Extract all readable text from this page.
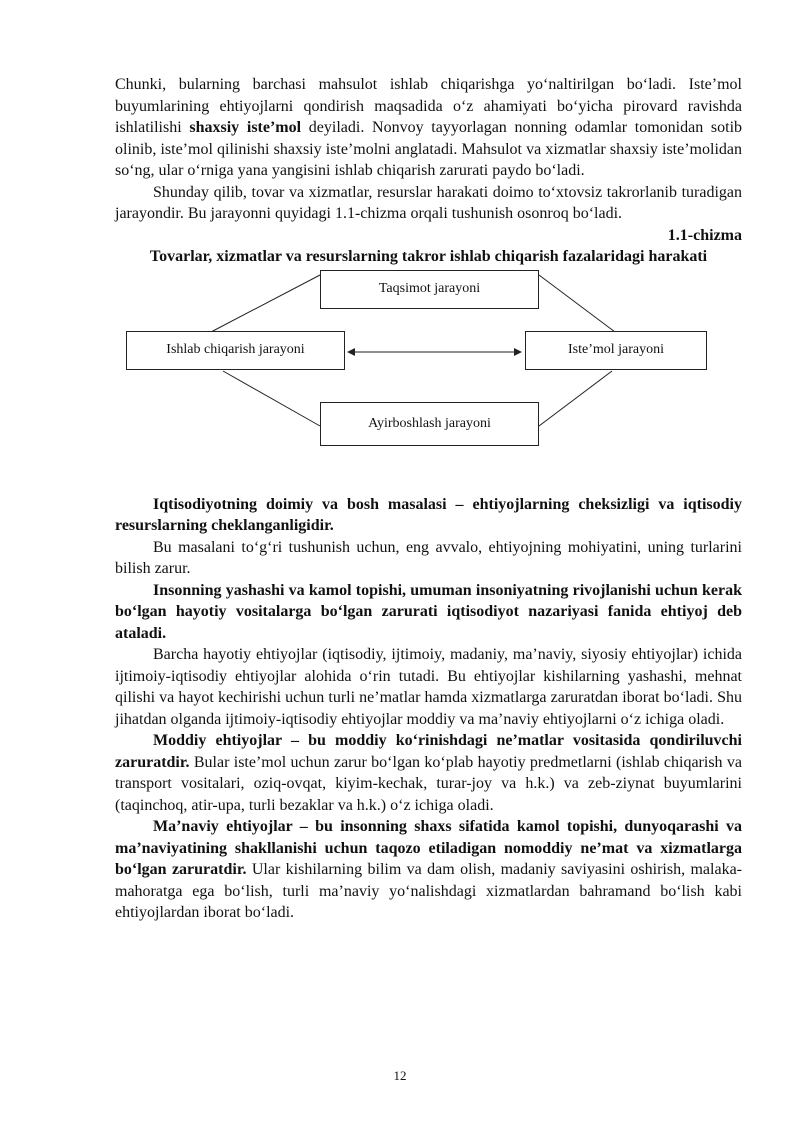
Chunki, bularning barchasi mahsulot ishlab chiqarishga yo‘naltirilgan bo‘ladi. Iste’mol buyumlarining ehtiyojlarni qondirish maqsadida o‘z ahamiyati bo‘yicha pirovard ravishda ishlatilishi shaxsiy iste’mol deyiladi. Nonvoy tayyorlagan nonning odamlar tomonidan sotib olinib, iste’mol qilinishi shaxsiy iste’molni anglatadi. Mahsulot va xizmatlar shaxsiy iste’molidan so‘ng, ular o‘rniga yana yangisini ishlab chiqarish zarurati paydo bo‘ladi.

Shunday qilib, tovar va xizmatlar, resurslar harakati doimo to‘xtovsiz takrorlanib turadigan jarayondir. Bu jarayonni quyidagi 1.1-chizma orqali tushunish osonroq bo‘ladi.

1.1-chizma

Tovarlar, xizmatlar va resurslarning takror ishlab chiqarish fazalaridagi harakati

Taqsimot jarayoni
Ishlab chiqarish jarayoni	Iste’mol jarayoni
Ayirboshlash jarayoni

Iqtisodiyotning doimiy va bosh masalasi – ehtiyojlarning cheksizligi va iqtisodiy resurslarning cheklanganligidir.

Bu masalani to‘g‘ri tushunish uchun, eng avvalo, ehtiyojning mohiyatini, uning turlarini bilish zarur.

Insonning yashashi va kamol topishi, umuman insoniyatning rivojlanishi uchun kerak bo‘lgan hayotiy vositalarga bo‘lgan zarurati iqtisodiyot nazariyasi fanida ehtiyoj deb ataladi.

Barcha hayotiy ehtiyojlar (iqtisodiy, ijtimoiy, madaniy, ma’naviy, siyosiy ehtiyojlar) ichida ijtimoiy-iqtisodiy ehtiyojlar alohida o‘rin tutadi. Bu ehtiyojlar kishilarning yashashi, mehnat qilishi va hayot kechirishi uchun turli ne’matlar hamda xizmatlarga zaruratdan iborat bo‘ladi. Shu jihatdan olganda ijtimoiy-iqtisodiy ehtiyojlar moddiy va ma’naviy ehtiyojlarni o‘z ichiga oladi.

Moddiy ehtiyojlar – bu moddiy ko‘rinishdagi ne’matlar vositasida qondiriluvchi zaruratdir. Bular iste’mol uchun zarur bo‘lgan ko‘plab hayotiy predmetlarni (ishlab chiqarish va transport vositalari, oziq-ovqat, kiyim-kechak, turar-joy va h.k.) va zeb-ziynat buyumlarini (taqinchoq, atir-upa, turli bezaklar va h.k.) o‘z ichiga oladi.

Ma’naviy ehtiyojlar – bu insonning shaxs sifatida kamol topishi, dunyoqarashi va ma’naviyatining shakllanishi uchun taqozo etiladigan nomoddiy ne’mat va xizmatlarga bo‘lgan zaruratdir. Ular kishilarning bilim va dam olish, madaniy saviyasini oshirish, malaka-mahoratga ega bo‘lish, turli ma’naviy yo‘nalishdagi xizmatlardan bahramand bo‘lish kabi ehtiyojlardan iborat bo‘ladi.

12
